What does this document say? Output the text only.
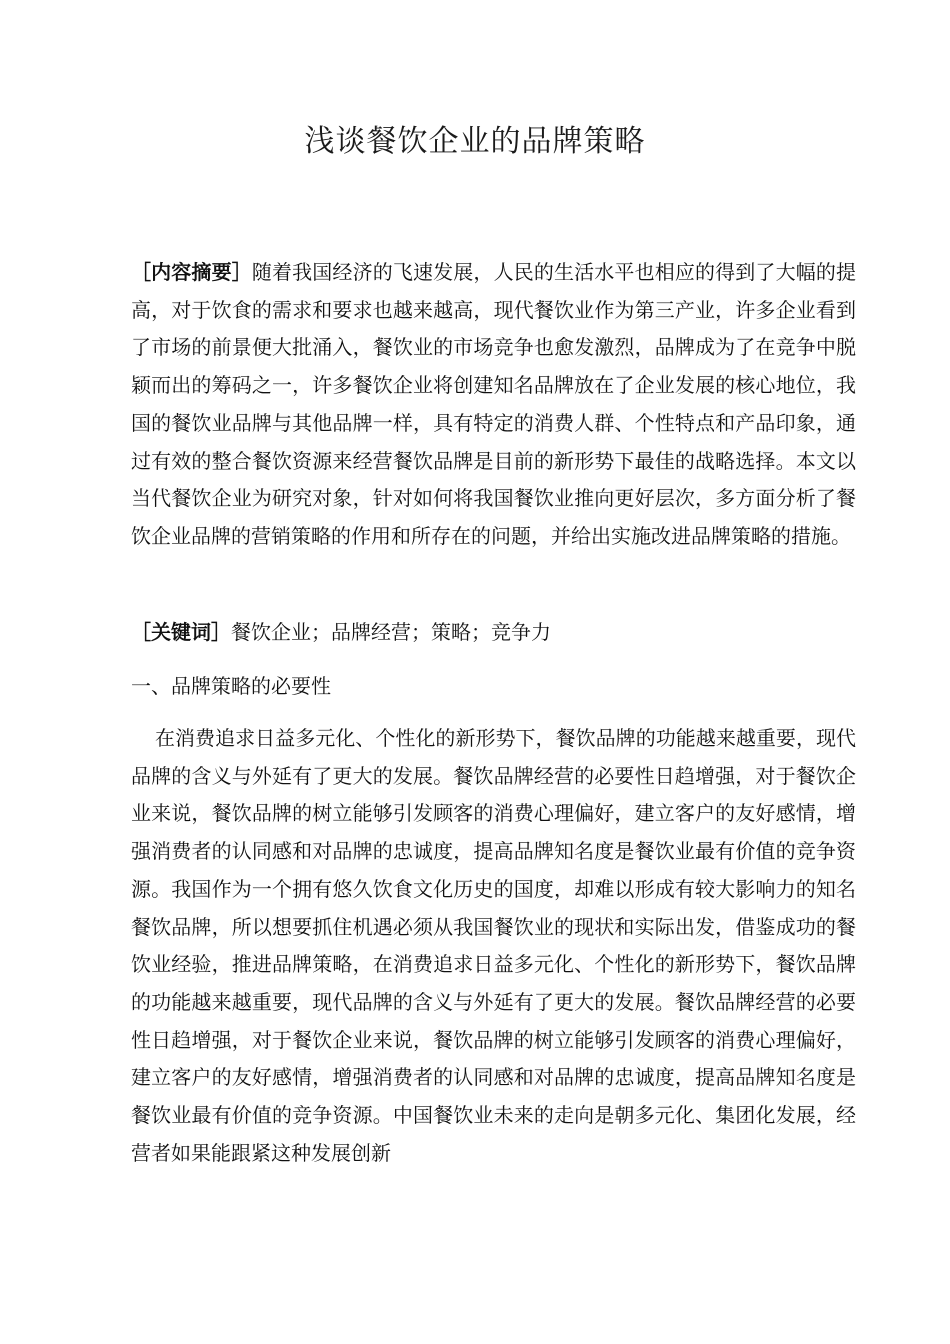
浅谈餐饮企业的品牌策略

［内容摘要］随着我国经济的飞速发展，人民的生活水平也相应的得到了大幅的提高，对于饮食的需求和要求也越来越高，现代餐饮业作为第三产业，许多企业看到了市场的前景便大批涌入，餐饮业的市场竞争也愈发激烈，品牌成为了在竞争中脱颖而出的筹码之一，许多餐饮企业将创建知名品牌放在了企业发展的核心地位，我国的餐饮业品牌与其他品牌一样，具有特定的消费人群、个性特点和产品印象，通过有效的整合餐饮资源来经营餐饮品牌是目前的新形势下最佳的战略选择。本文以当代餐饮企业为研究对象，针对如何将我国餐饮业推向更好层次，多方面分析了餐饮企业品牌的营销策略的作用和所存在的问题，并给出实施改进品牌策略的措施。

［关键词］餐饮企业；品牌经营；策略；竞争力

一、品牌策略的必要性

在消费追求日益多元化、个性化的新形势下，餐饮品牌的功能越来越重要，现代品牌的含义与外延有了更大的发展。餐饮品牌经营的必要性日趋增强，对于餐饮企业来说，餐饮品牌的树立能够引发顾客的消费心理偏好，建立客户的友好感情，增强消费者的认同感和对品牌的忠诚度，提高品牌知名度是餐饮业最有价值的竞争资源。我国作为一个拥有悠久饮食文化历史的国度，却难以形成有较大影响力的知名餐饮品牌，所以想要抓住机遇必须从我国餐饮业的现状和实际出发，借鉴成功的餐饮业经验，推进品牌策略，在消费追求日益多元化、个性化的新形势下，餐饮品牌的功能越来越重要，现代品牌的含义与外延有了更大的发展。餐饮品牌经营的必要性日趋增强，对于餐饮企业来说，餐饮品牌的树立能够引发顾客的消费心理偏好，建立客户的友好感情，增强消费者的认同感和对品牌的忠诚度，提高品牌知名度是餐饮业最有价值的竞争资源。中国餐饮业未来的走向是朝多元化、集团化发展，经营者如果能跟紧这种发展创新
